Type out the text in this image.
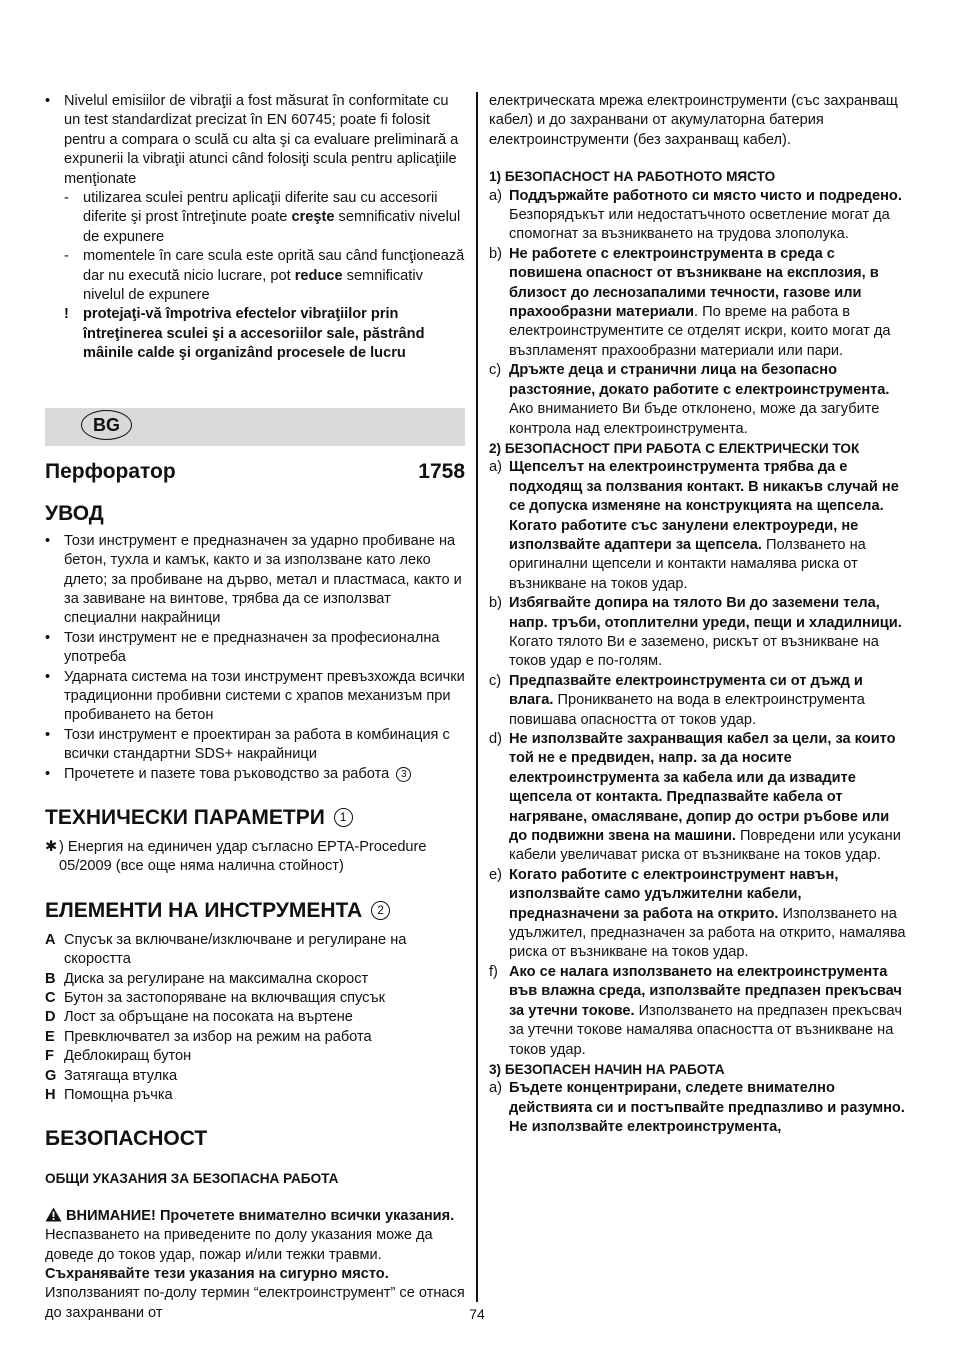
• Nivelul emisiilor de vibraţii a fost măsurat în conformitate cu un test standardizat precizat în EN 60745; poate fi folosit pentru a compara o sculă cu alta şi ca evaluare preliminară a expunerii la vibraţii atunci când folosiţi scula pentru aplicaţiile menţionate
- utilizarea sculei pentru aplicaţii diferite sau cu accesorii diferite şi prost întreţinute poate creşte semnificativ nivelul de expunere
- momentele în care scula este oprită sau când funcţionează dar nu execută nicio lucrare, pot reduce semnificativ nivelul de expunere
! protejaţi-vă împotriva efectelor vibraţiilor prin întreţinerea sculei şi a accesoriilor sale, păstrând mâinile calde şi organizând procesele de lucru
BG
Перфоратор	1758
УВОД
• Този инструмент е предназначен за ударно пробиване на бетон, тухла и камък, както и за използване като леко длето; за пробиване на дърво, метал и пластмаса, както и за завиване на винтове, трябва да се използват специални накрайници
• Този инструмент не е предназначен за професионална употреба
• Ударната система на този инструмент превъзхожда всички традиционни пробивни системи с храпов механизъм при пробиването на бетон
• Този инструмент е проектиран за работа в комбинация с всички стандартни SDS+ накрайници
• Прочетете и пазете това ръководство за работа 3
ТЕХНИЧЕСКИ ПАРАМЕТРИ 1
✱ ) Енергия на единичен удар съгласно EPTA-Procedure 05/2009 (все още няма налична стойност)
ЕЛЕМЕНТИ НА ИНСТРУМЕНТА 2
A Спусък за включване/изключване и регулиране на скоростта
B Диска за регулиране на максимална скорост
C Бутон за застопоряване на включващия спусък
D Лост за обръщане на посоката на въртене
E Превключвател за избор на режим на работа
F Деблокиращ бутон
G Затягаща втулка
H Помощна ръчка
БЕЗОПАСНОСТ
ОБЩИ УКАЗАНИЯ ЗА БЕЗОПАСНА РАБОТА
ВНИМАНИЕ! Прочетете внимателно всички указания. Неспазването на приведените по долу указания може да доведе до токов удар, пожар и/или тежки травми. Съхранявайте тези указания на сигурно място. Използваният по-долу термин “електроинструмент” се отнася до захранвани от
електрическата мрежа електроинструменти (със захранващ кабел) и до захранвани от акумулаторна батерия електроинструменти (без захранващ кабел).
1) БЕЗОПАСНОСТ НА РАБОТНОТО МЯСТО
a) Поддържайте работното си място чисто и подредено. Безпорядъкът или недостатъчното осветление могат да спомогнат за възникването на трудова злополука.
b) Не работете с електроинструмента в среда с повишена опасност от възникване на експлозия, в близост до леснозапалими течности, газове или прахообразни материали. По време на работа в електроинструментите се отделят искри, които могат да възпламенят прахообразни материали или пари.
c) Дръжте деца и странични лица на безопасно разстояние, докато работите с електроинструмента. Ако вниманието Ви бъде отклонено, може да загубите контрола над електроинструмента.
2) БЕЗОПАСНОСТ ПРИ РАБОТА С ЕЛЕКТРИЧЕСКИ ТОК
a) Щепселът на електроинструмента трябва да е подходящ за ползвания контакт. В никакъв случай не се допуска изменяне на конструкцията на щепсела. Когато работите със занулени електроуреди, не използвайте адаптери за щепсела. Ползването на оригинални щепсели и контакти намалява риска от възникване на токов удар.
b) Избягвайте допира на тялото Ви до заземени тела, напр. тръби, отоплителни уреди, пещи и хладилници. Когато тялото Ви е заземено, рискът от възникване на токов удар е по-голям.
c) Предпазвайте електроинструмента си от дъжд и влага. Проникването на вода в електроинструмента повишава опасността от токов удар.
d) Не използвайте захранващия кабел за цели, за които той не е предвиден, напр. за да носите електроинструмента за кабела или да извадите щепсела от контакта. Предпазвайте кабела от нагряване, омасляване, допир до остри ръбове или до подвижни звена на машини. Повредени или усукани кабели увеличават риска от възникване на токов удар.
e) Когато работите с електроинструмент навън, използвайте само удължителни кабели, предназначени за работа на открито. Използването на удължител, предназначен за работа на открито, намалява риска от възникване на токов удар.
f) Ако се налага използването на електроинструмента във влажна среда, използвайте предпазен прекъсвач за утечни токове. Използването на предпазен прекъсвач за утечни токове намалява опасността от възникване на токов удар.
3) БЕЗОПАСЕН НАЧИН НА РАБОТА
a) Бъдете концентрирани, следете внимателно действията си и постъпвайте предпазливо и разумно. Не използвайте електроинструмента,
74
